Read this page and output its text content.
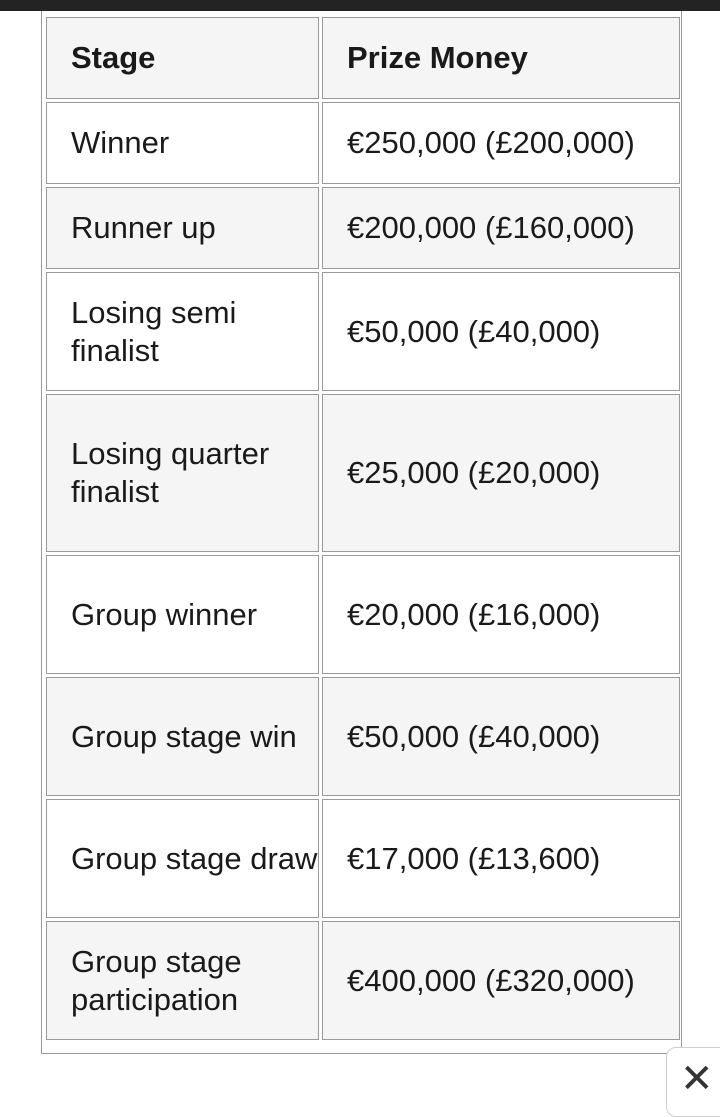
Stage	Prize Money
Winner	€250,000 (£200,000)
Runner up	€200,000 (£160,000)
Losing semi finalist	€50,000 (£40,000)
Losing quarter finalist	€25,000 (£20,000)
Group winner	€20,000 (£16,000)
Group stage win	€50,000 (£40,000)
Group stage draw	€17,000 (£13,600)
Group stage participation	€400,000 (£320,000)
✕
